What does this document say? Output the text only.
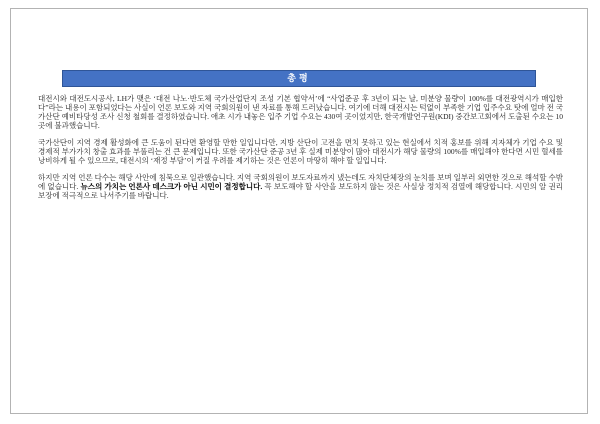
총평

대전시와 대전도시공사, LH가 맺은 ‘대전 나노·반도체 국가산업단지 조성 기본 협약서’에 “사업준공 후 3년이 되는 날, 미분양 물량이 100%를 대전광역시가 매입한다”라는 내용이 포함되었다는 사실이 언론 보도와 지역 국회의원이 낸 자료를 통해 드러났습니다. 여기에 더해 대전시는 턱없이 부족한 기업 입주수요 탓에 얼마 전 국가산단 예비타당성 조사 신청 철회를 결정하였습니다. 애초 시가 내놓은 입주 기업 수요는 430여 곳이었지만, 한국개발연구원(KDI) 중간보고회에서 도출된 수요는 10곳에 불과했습니다.

국가산단이 지역 경제 활성화에 큰 도움이 된다면 환영할 만한 일입니다만, 지방 산단이 고전을 면치 못하고 있는 현실에서 치적 홍보를 위해 지자체가 기업 수요 및 경제적 부가가치 창출 효과를 부풀리는 건 큰 문제입니다. 또한 국가산단 준공 3년 후 실제 미분양이 많아 대전시가 해당 물량의 100%를 매입해야 한다면 시민 혈세를 낭비하게 될 수 있으므로, 대전시의 ‘재정 부담’이 커질 우려를 제기하는 것은 언론이 마땅히 해야 할 일입니다.

하지만 지역 언론 다수는 해당 사안에 침묵으로 일관했습니다. 지역 국회의원이 보도자료까지 냈는데도 자치단체장의 눈치를 보며 일부러 외면한 것으로 해석할 수밖에 없습니다. 뉴스의 가치는 언론사 데스크가 아닌 시민이 결정합니다. 꼭 보도해야 할 사안을 보도하지 않는 것은 사실상 정치적 검열에 해당합니다. 시민의 알 권리 보장에 적극적으로 나서주기를 바랍니다.
